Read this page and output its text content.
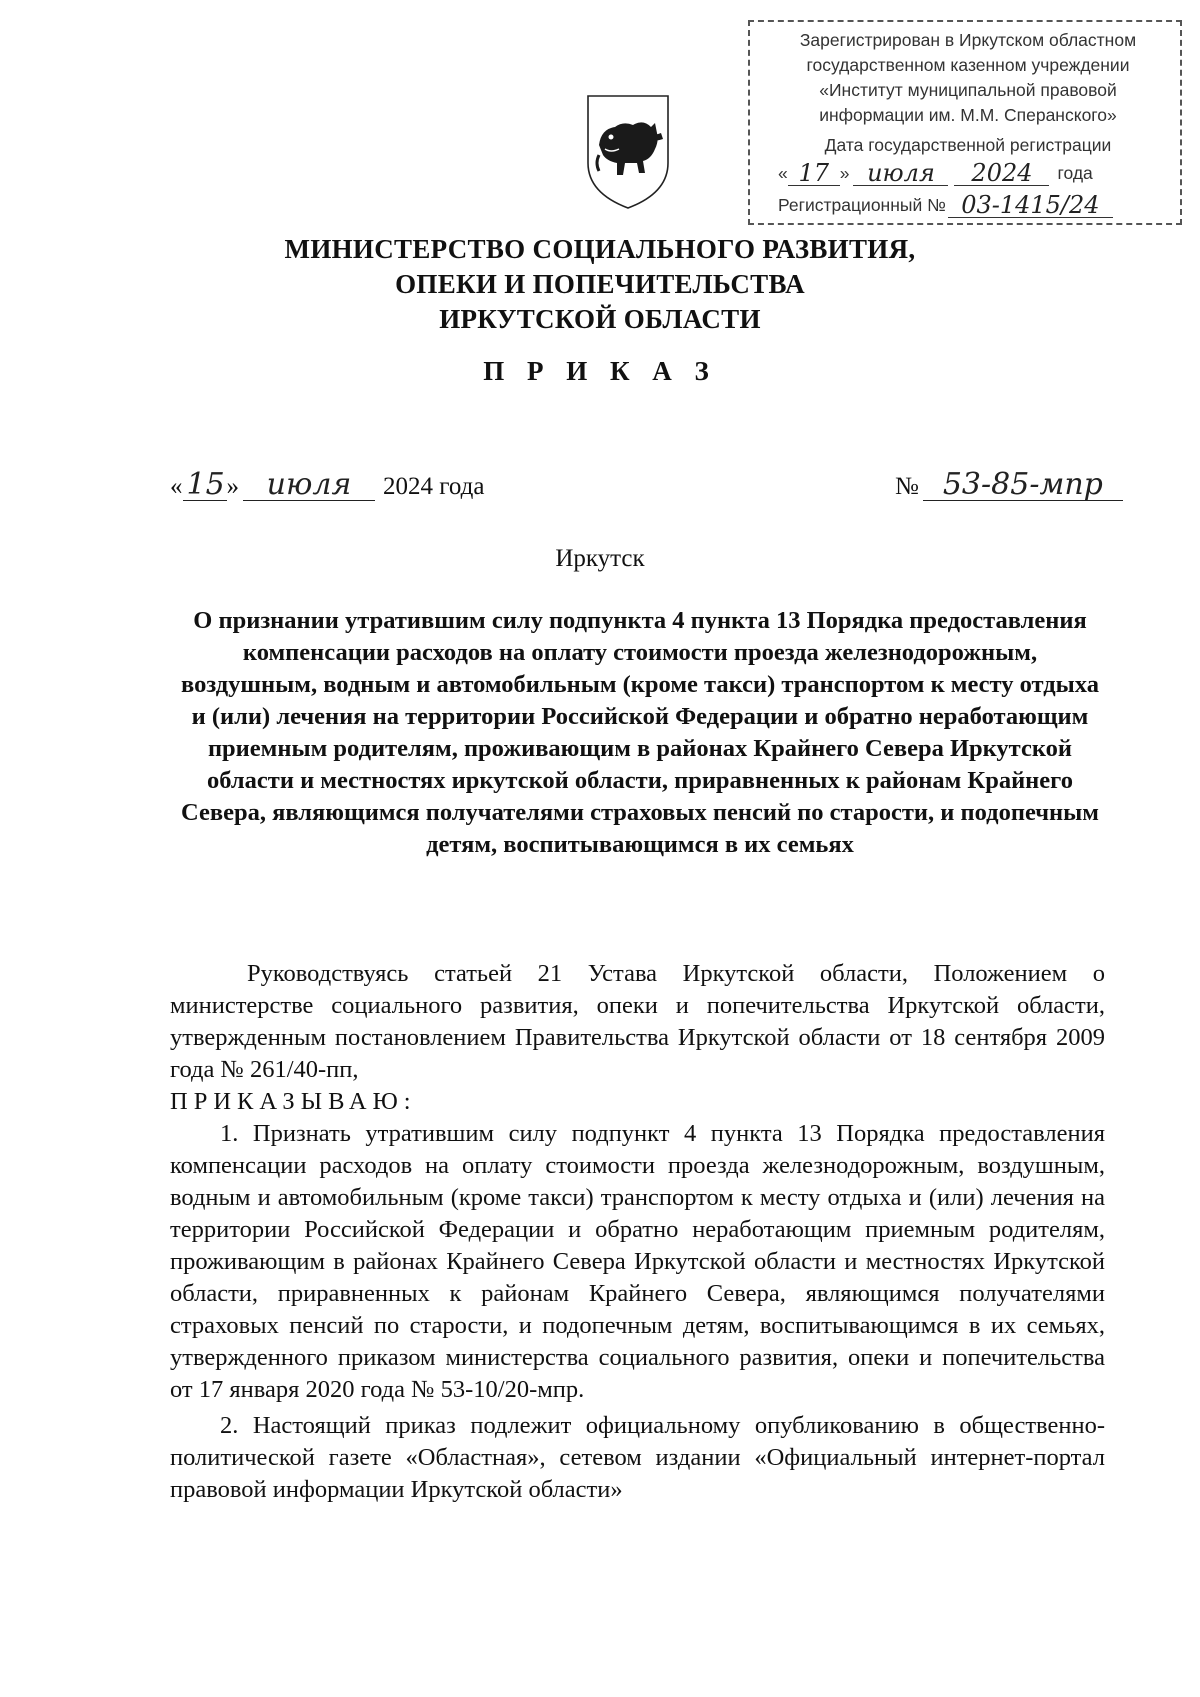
Зарегистрирован в Иркутском областном
государственном казенном учреждении
«Институт муниципальной правовой
информации им. М.М. Сперанского»
Дата государственной регистрации
« 17 » июля	2024	года
Регистрационный № 03-1415/24
МИНИСТЕРСТВО СОЦИАЛЬНОГО РАЗВИТИЯ,
ОПЕКИ И ПОПЕЧИТЕЛЬСТВА
ИРКУТСКОЙ ОБЛАСТИ
П Р И К А З
« 15 » июля	2024 года	№ 53-85-мпр
Иркутск
О признании утратившим силу подпункта 4 пункта 13 Порядка предоставления компенсации расходов на оплату стоимости проезда железнодорожным, воздушным, водным и автомобильным (кроме такси) транспортом к месту отдыха и (или) лечения на территории Российской Федерации и обратно неработающим приемным родителям, проживающим в районах Крайнего Севера Иркутской области и местностях иркутской области, приравненных к районам Крайнего Севера, являющимся получателями страховых пенсий по старости, и подопечным детям, воспитывающимся в их семьях

Руководствуясь статьей 21 Устава Иркутской области, Положением о министерстве социального развития, опеки и попечительства Иркутской области, утвержденным постановлением Правительства Иркутской области от 18 сентября 2009 года № 261/40-пп,

ПРИКАЗЫВАЮ:

1. Признать утратившим силу подпункт 4 пункта 13 Порядка предоставления компенсации расходов на оплату стоимости проезда железнодорожным, воздушным, водным и автомобильным (кроме такси) транспортом к месту отдыха и (или) лечения на территории Российской Федерации и обратно неработающим приемным родителям, проживающим в районах Крайнего Севера Иркутской области и местностях Иркутской области, приравненных к районам Крайнего Севера, являющимся получателями страховых пенсий по старости, и подопечным детям, воспитывающимся в их семьях, утвержденного приказом министерства социального развития, опеки и попечительства от 17 января 2020 года № 53-10/20-мпр.

2. Настоящий приказ подлежит официальному опубликованию в общественно-политической газете «Областная», сетевом издании «Официальный интернет-портал правовой информации Иркутской области»
